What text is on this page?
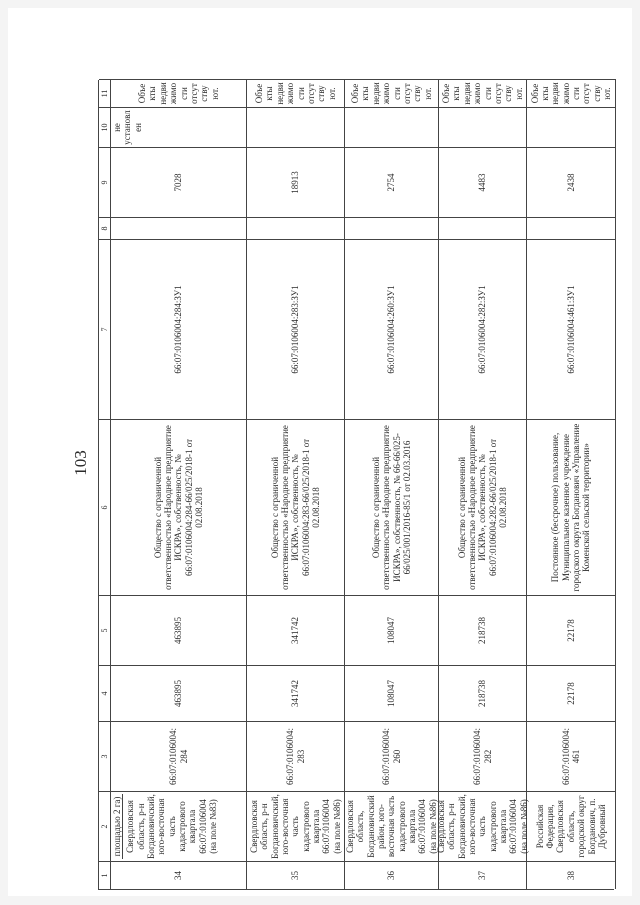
103
1
2
3
4
5
6
7
8
9
10
11
34
площадью 2 га) Свердловская область, р-н Богдановичский, юго-восточная часть кадастрового квартала 66:07:0106004 (на поле №83)
66:07:0106004: 284
463895
463895
Общество с ограниченной ответственностью «Народное предприятие ИСКРА», собственность, № 66:07:0106004:284-66/025/2018-1 от 02.08.2018
66:07:0106004:284:ЗУ1
7028
не установлен
Объекты недвижимости отсутствуют.
35
Свердловская область, р-н Богдановичский, юго-восточная часть кадастрового квартала 66:07:0106004 (на поле №86)
66:07:0106004: 283
341742
341742
Общество с ограниченной ответственностью «Народное предприятие ИСКРА», собственность, № 66:07:0106004:283-66/025/2018-1 от 02.08.2018
66:07:0106004:283:ЗУ1
18913
Объекты недвижимости отсутствуют.
36
Свердловская область, Богдановичский район, юго-восточная часть кадастрового квартала 66:07:0106004 (на поле №86)
66:07:0106004: 260
108047
108047
Общество с ограниченной ответственностью «Народное предприятие ИСКРА», собственность, № 66-66/025-66/025/001/2016-85/1 от 02.03.2016
66:07:0106004:260:ЗУ1
2754
Объекты недвижимости отсутствуют.
37
Свердловская область, р-н Богдановичский, юго-восточная часть кадастрового квартала 66:07:0106004 (на поле №86)
66:07:0106004: 282
218738
218738
Общество с ограниченной ответственностью «Народное предприятие ИСКРА», собственность, № 66:07:0106004:282-66/025/2018-1 от 02.08.2018
66:07:0106004:282:ЗУ1
4483
Объекты недвижимости отсутствуют.
38
Российская Федерация, Свердловская область, городской округ Богданович, п. Дубровный
66:07:0106004: 461
22178
22178
Постоянное (бессрочное) пользование, Муниципальное казенное учреждение городского округа Богданович «Управление Коменской сельской территории»
66:07:0106004:461:ЗУ1
2438
Объекты недвижимости отсутствуют.
